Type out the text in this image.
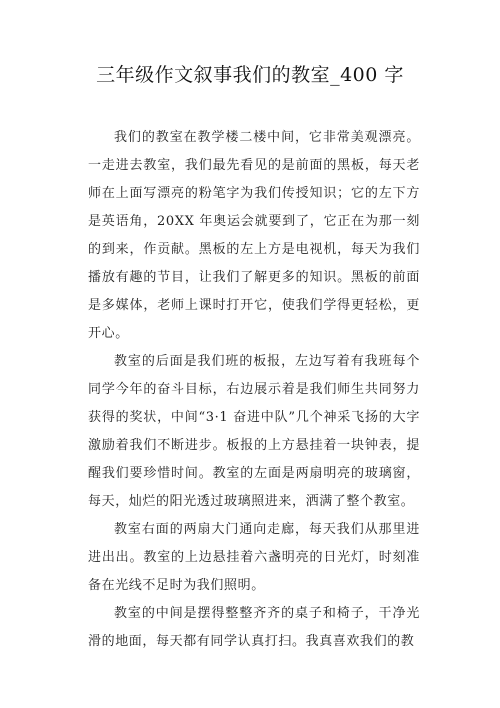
三年级作文叙事我们的教室_400 字

我们的教室在教学楼二楼中间，它非常美观漂亮。一走进去教室，我们最先看见的是前面的黑板，每天老师在上面写漂亮的粉笔字为我们传授知识；它的左下方是英语角，20XX 年奥运会就要到了，它正在为那一刻的到来，作贡献。黑板的左上方是电视机，每天为我们播放有趣的节目，让我们了解更多的知识。黑板的前面是多媒体，老师上课时打开它，使我们学得更轻松，更开心。

教室的后面是我们班的板报，左边写着有我班每个同学今年的奋斗目标，右边展示着是我们师生共同努力获得的奖状，中间“3·1 奋进中队”几个神采飞扬的大字激励着我们不断进步。板报的上方悬挂着一块钟表，提醒我们要珍惜时间。教室的左面是两扇明亮的玻璃窗，每天，灿烂的阳光透过玻璃照进来，洒满了整个教室。

教室右面的两扇大门通向走廊，每天我们从那里进进出出。教室的上边悬挂着六盏明亮的日光灯，时刻准备在光线不足时为我们照明。

教室的中间是摆得整整齐齐的桌子和椅子，干净光滑的地面，每天都有同学认真打扫。我真喜欢我们的教
